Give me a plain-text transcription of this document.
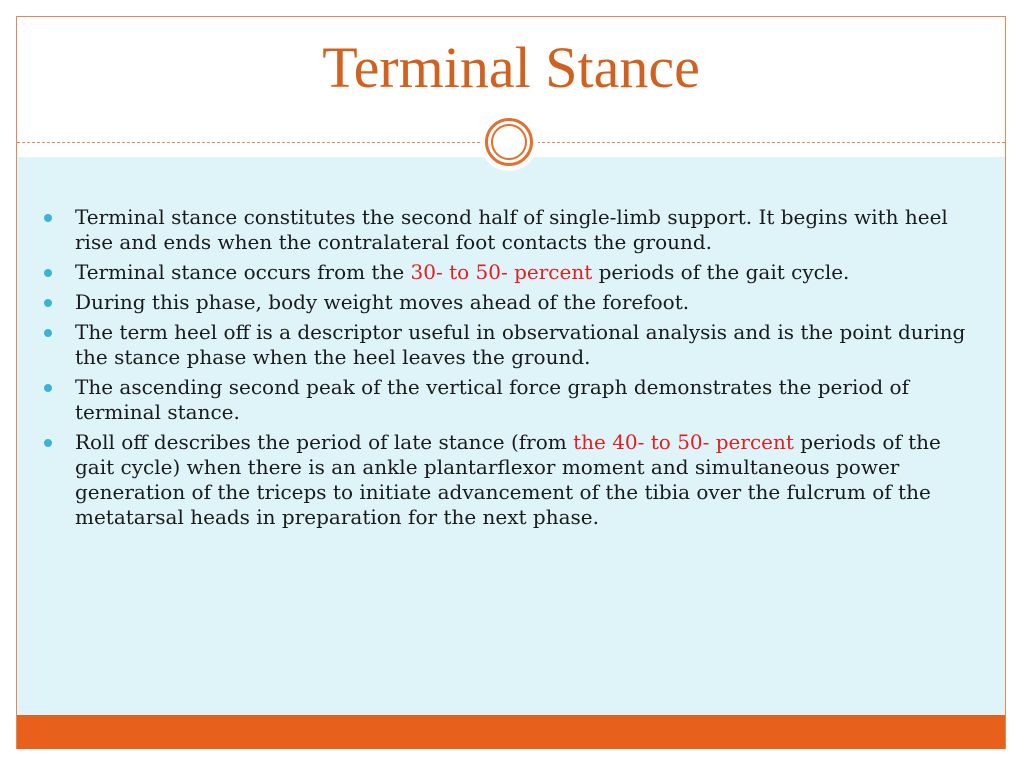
Terminal Stance
Terminal stance constitutes the second half of single-limb support. It begins with heel rise and ends when the contralateral foot contacts the ground.
Terminal stance occurs from the 30- to 50- percent periods of the gait cycle.
During this phase, body weight moves ahead of the forefoot.
The term heel off is a descriptor useful in observational analysis and is the point during the stance phase when the heel leaves the ground.
The ascending second peak of the vertical force graph demonstrates the period of terminal stance.
Roll off describes the period of late stance (from the 40- to 50- percent periods of the gait cycle) when there is an ankle plantarflexor moment and simultaneous power generation of the triceps to initiate advancement of the tibia over the fulcrum of the metatarsal heads in preparation for the next phase.
